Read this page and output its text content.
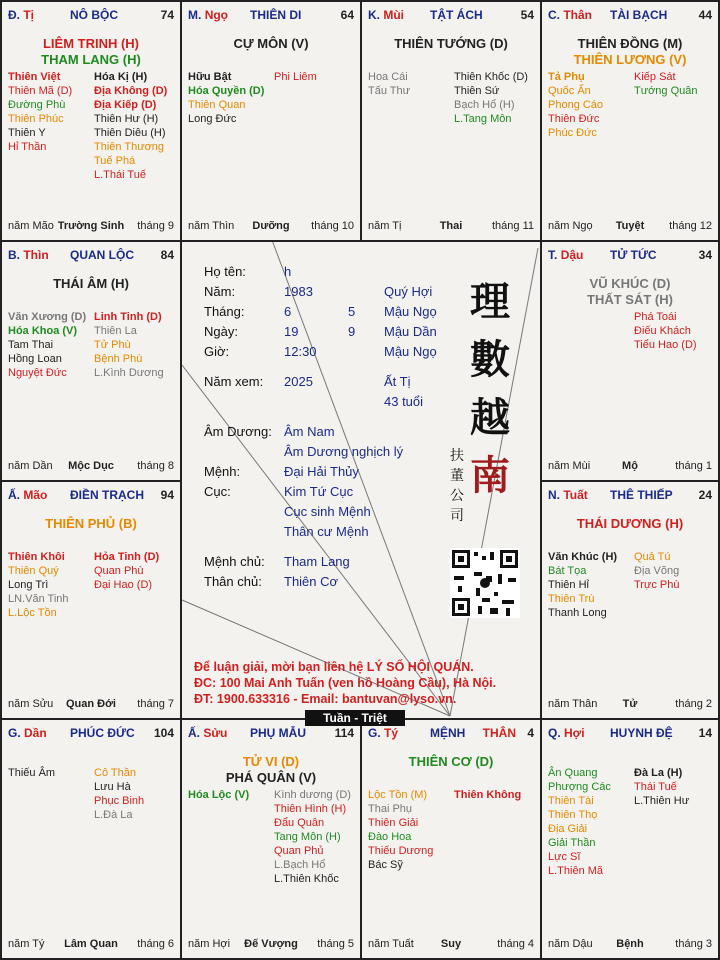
Đ. Tị	NÔ BỘC	74
LIÊM TRINH (H)
THAM LANG (H)
Thiên Việt
Thiên Mã (D)
Đường Phù
Thiên Phúc
Thiên Y
Hỉ Thần
Hóa Kị (H)
Địa Không (D)
Địa Kiếp (D)
Thiên Hư (H)
Thiên Diêu (H)
Thiên Thương
Tuế Phá
L.Thái Tuế
năm Mão Trường Sinh	tháng 9
M. Ngọ THIÊN DI	64
CỰ MÔN (V)
Hữu Bật
Hóa Quyền (D)
Thiên Quan
Long Đức
Phi Liêm
năm Thìn	Dưỡng	tháng 10
K. Mùi TẬT ÁCH	54
THIÊN TƯỚNG (D)
Hoa Cái
Tấu Thư
Thiên Khốc (D)
Thiên Sứ
Bạch Hổ (H)
L.Tang Môn
năm Tị	Thai	tháng 11
C. Thân TÀI BẠCH	44
THIÊN ĐỒNG (M)
THIÊN LƯƠNG (V)
Tả Phụ
Quốc Ấn
Phong Cáo
Thiên Đức
Phúc Đức
Kiếp Sát
Tướng Quân
năm Ngọ	Tuyệt	tháng 12
B. Thìn QUAN LỘC 84
THÁI ÂM (H)
Văn Xương (D)
Hóa Khoa (V)
Tam Thai
Hồng Loan
Nguyệt Đức
Linh Tinh (D)
Thiên La
Tử Phù
Bệnh Phù
L.Kình Dương
năm Dần	Mộc Dục	tháng 8
T. Dậu TỬ TỨC	34
VŨ KHÚC (D)
THẤT SÁT (H)
Phá Toái
Điếu Khách
Tiểu Hao (D)
năm Mùi	Mộ	tháng 1
Ấ. Mão ĐIỀN TRẠCH 94
THIÊN PHỦ (B)
Thiên Khôi
Thiên Quý
Long Trì
LN.Văn Tinh
L.Lộc Tồn
Hỏa Tinh (D)
Quan Phù
Đại Hao (D)
năm Sửu	Quan Đới	tháng 7
N. Tuất THÊ THIẾP 24
THÁI DƯƠNG (H)
Văn Khúc (H)
Bát Tọa
Thiên Hỉ
Thiên Trù
Thanh Long
Quả Tú
Địa Võng
Trực Phù
năm Thân	Tử	tháng 2
G. Dần PHÚC ĐỨC 104
Thiếu Âm	Cô Thần
Lưu Hà
Phục Binh
L.Đà La
năm Tý	Lâm Quan	tháng 6
Ấ. Sửu PHỤ MẪU 114
TỬ VI (D)
PHÁ QUÂN (V)
Hóa Lộc (V) Kình dương (D)
Thiên Hình (H)
Đẩu Quân
Tang Môn (H)
Quan Phủ
L.Bạch Hổ
L.Thiên Khốc
năm Hợi	Đế Vượng	tháng 5
G. Tý	MỆNH THÂN 4
THIÊN CƠ (D)
Lộc Tồn (M)
Thai Phụ
Thiên Giải
Đào Hoa
Thiếu Dương
Bác Sỹ
Thiên Không
năm Tuất	Suy	tháng 4
Q. Hợi HUYNH ĐỆ 14
Ân Quang
Phượng Các
Thiên Tài
Thiên Thọ
Địa Giải
Giải Thần
Lực Sĩ
L.Thiên Mã
Đà La (H)
Thái Tuế
L.Thiên Hư
năm Dậu	Bệnh	tháng 3
Họ tên:	h
Năm:	1983	Quý Hợi
Tháng:	6	5 Mậu Ngọ
Ngày:	19	9 Mậu Dần
Giờ:	12:30	Mậu Ngọ
Năm xem: 2025	Ất Tị
43 tuổi
Âm Dương: Âm Nam
Âm Dương nghịch lý
Mệnh:	Đại Hải Thủy
Cục:	Kim Tứ Cục
Cục sinh Mệnh
Thân cư Mệnh
Mệnh chủ: Tham Lang
Thân chủ: Thiên Cơ
理
數
越
南
扶
董
公
司
Để luận giải, mời bạn liên hệ LÝ SỐ HỘI QUÁN.
ĐC: 100 Mai Anh Tuấn (ven hồ Hoàng Cầu), Hà Nội.
ĐT: 1900.633316 - Email: bantuvan@lyso.vn.
Tuần - Triệt
